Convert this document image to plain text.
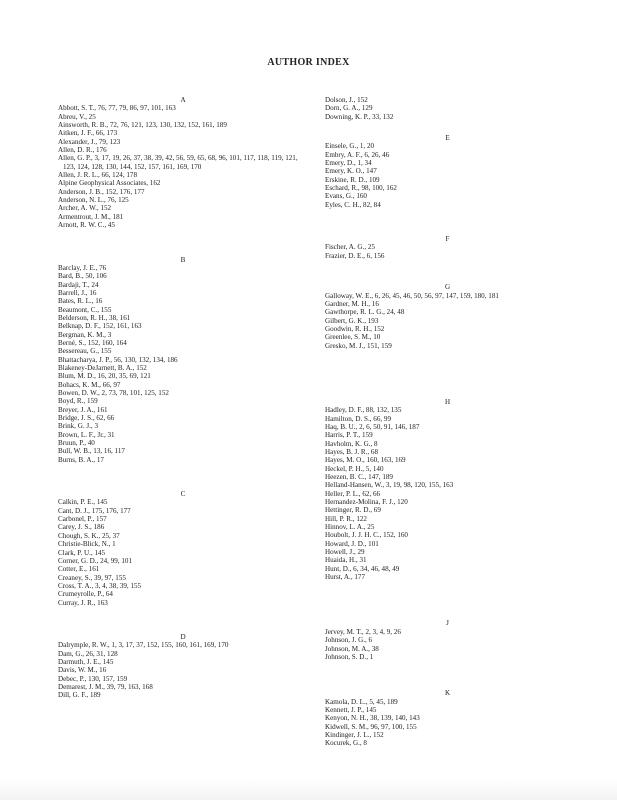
AUTHOR INDEX
A
Abbott, S. T., 76, 77, 79, 86, 97, 101, 163
Abreu, V., 25
Ainsworth, R. B., 72, 76, 121, 123, 130, 132, 152, 161, 189
Aitken, J. F., 66, 173
Alexander, J., 79, 123
Allen, D. R., 176
Allen, G. P., 3, 17, 19, 26, 37, 38, 39, 42, 56, 59, 65, 68, 96, 101, 117, 118, 119, 121, 123, 124, 128, 130, 144, 152, 157, 161, 169, 170
Allen, J. R. L., 66, 124, 178
Alpine Geophysical Associates, 162
Anderson, J. B., 152, 176, 177
Anderson, N. L., 76, 125
Archer, A. W., 152
Armentrout, J. M., 181
Arnott, R. W. C., 45
B
Barclay, J. E., 76
Bard, B., 50, 106
Bardaji, T., 24
Barrell, J., 16
Bates, R. L., 16
Beaumont, C., 155
Belderson, R. H., 38, 161
Belknap, D. F., 152, 161, 163
Bergman, K. M., 3
Berné, S., 152, 160, 164
Bessereau, G., 155
Bhattacharya, J. P., 56, 130, 132, 134, 186
Blakeney-DeJarnett, B. A., 152
Blum, M. D., 16, 20, 35, 69, 121
Bohacs, K. M., 66, 97
Bowen, D. W., 2, 73, 78, 101, 125, 152
Boyd, R., 159
Breyer, J. A., 161
Bridge, J. S., 62, 66
Brink, G. J., 3
Brown, L. F., Jr., 31
Bruun, P., 40
Bull, W. B., 13, 16, 117
Burns, B. A., 17
C
Calkin, P. E., 145
Cant, D. J., 175, 176, 177
Carbonel, P., 157
Carey, J. S., 186
Chough, S. K., 25, 37
Christie-Blick, N., 1
Clark, P. U., 145
Corner, G. D., 24, 99, 101
Cotter, E., 161
Creaney, S., 39, 97, 155
Cross, T. A., 3, 4, 38, 39, 155
Crumeyrolle, P., 64
Curray, J. R., 163
D
Dalrymple, R. W., 1, 3, 17, 37, 152, 155, 160, 161, 169, 170
Dam, G., 26, 31, 128
Darmuth, J. E., 145
Davis, W. M., 16
Debec, P., 130, 157, 159
Demarest, J. M., 39, 79, 163, 168
Dill, G. F., 189
Dolson, J., 152
Dorn, G. A., 129
Downing, K. P., 33, 132
E
Einsele, G., 1, 20
Embry, A. F., 6, 26, 46
Emery, D., 1, 34
Emery, K. O., 147
Erskine, R. D., 109
Eschard, R., 98, 100, 162
Evans, G., 160
Eyles, C. H., 82, 84
F
Fischer, A. G., 25
Frazier, D. E., 6, 156
G
Galloway, W. E., 6, 26, 45, 46, 50, 56, 97, 147, 159, 180, 181
Gardner, M. H., 16
Gawthorpe, R. L. G., 24, 48
Gilbert, G. K., 193
Goodwin, R. H., 152
Greenlee, S. M., 10
Gresko, M. J., 151, 159
H
Hadley, D. F., 88, 132, 135
Hamilton, D. S., 66, 99
Haq, B. U., 2, 6, 50, 91, 146, 187
Harris, P. T., 159
Havholm, K. G., 8
Hayes, B. J. R., 68
Hayes, M. O., 160, 163, 169
Heckel, P. H., 5, 140
Heezen, B. C., 147, 189
Helland-Hansen, W., 3, 19, 98, 120, 155, 163
Heller, P. L., 62, 66
Hernandez-Molina, F. J., 120
Hettinger, R. D., 69
Hill, P. R., 122
Hinnov, L. A., 25
Houbolt, J. J. H. C., 152, 160
Howard, J. D., 101
Howell, J., 29
Huaida, H., 31
Hunt, D., 6, 34, 46, 48, 49
Hurst, A., 177
J
Jervey, M. T., 2, 3, 4, 9, 26
Johnson, J. G., 6
Johnson, M. A., 38
Johnson, S. D., 1
K
Kamola, D. L., 5, 45, 189
Kennett, J. P., 145
Kenyon, N. H., 38, 139, 140, 143
Kidwell, S. M., 96, 97, 100, 155
Kindinger, J. L., 152
Kocurek, G., 8
